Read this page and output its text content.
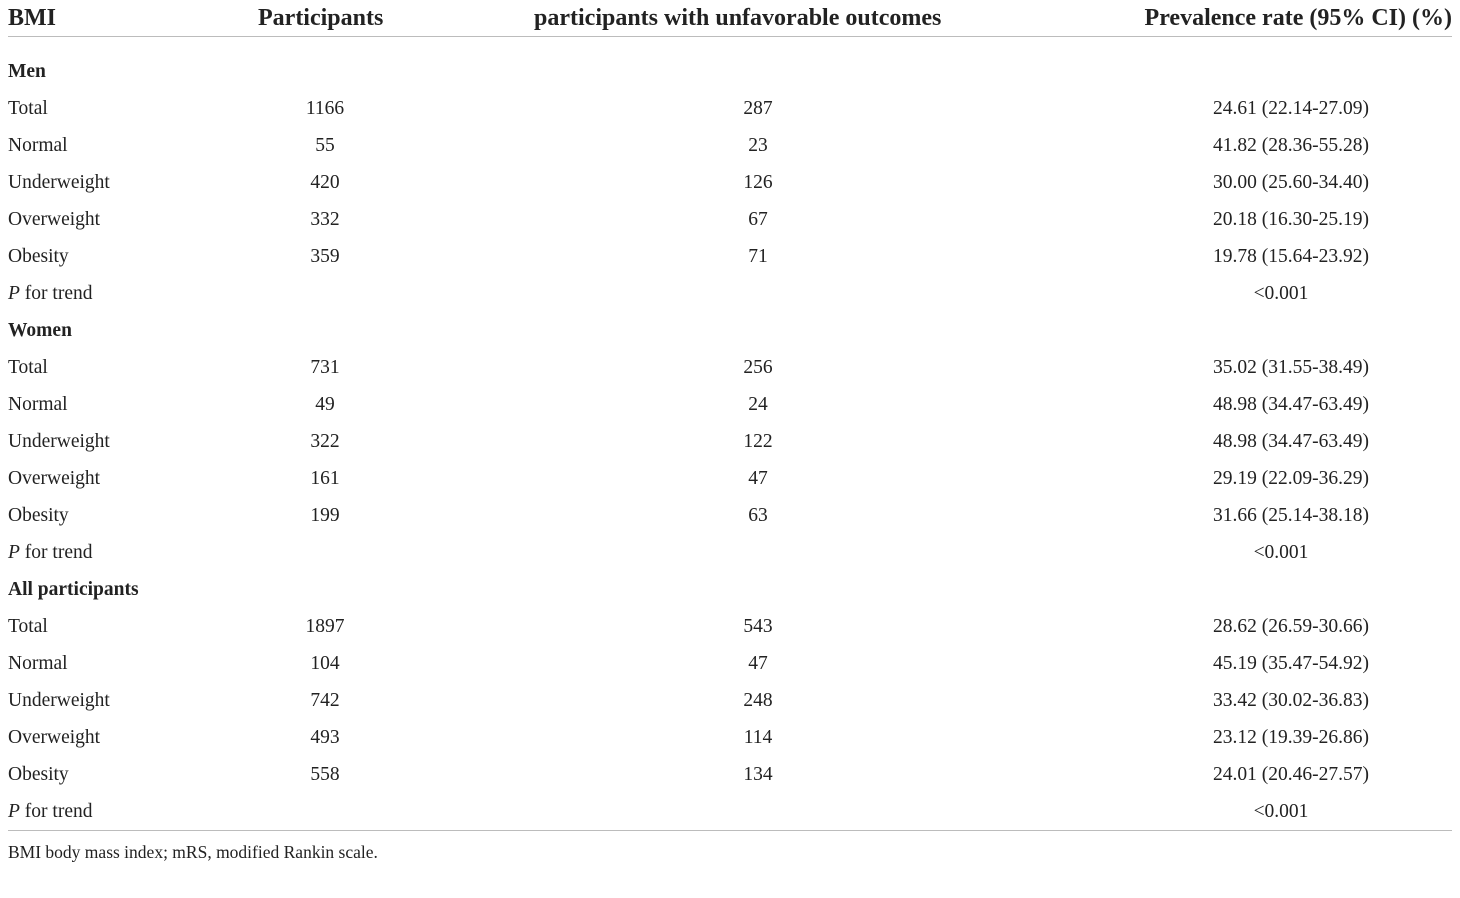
BMI	Participants	participants with unfavorable outcomes	Prevalence rate (95% CI) (%)

Men			
Total	1166	287	24.61 (22.14-27.09)
Normal	55	23	41.82 (28.36-55.28)
Underweight	420	126	30.00 (25.60-34.40)
Overweight	332	67	20.18 (16.30-25.19)
Obesity	359	71	19.78 (15.64-23.92)
P for trend			<0.001
Women			
Total	731	256	35.02 (31.55-38.49)
Normal	49	24	48.98 (34.47-63.49)
Underweight	322	122	48.98 (34.47-63.49)
Overweight	161	47	29.19 (22.09-36.29)
Obesity	199	63	31.66 (25.14-38.18)
P for trend			<0.001
All participants			
Total	1897	543	28.62 (26.59-30.66)
Normal	104	47	45.19 (35.47-54.92)
Underweight	742	248	33.42 (30.02-36.83)
Overweight	493	114	23.12 (19.39-26.86)
Obesity	558	134	24.01 (20.46-27.57)
P for trend			<0.001
BMI body mass index; mRS, modified Rankin scale.			
